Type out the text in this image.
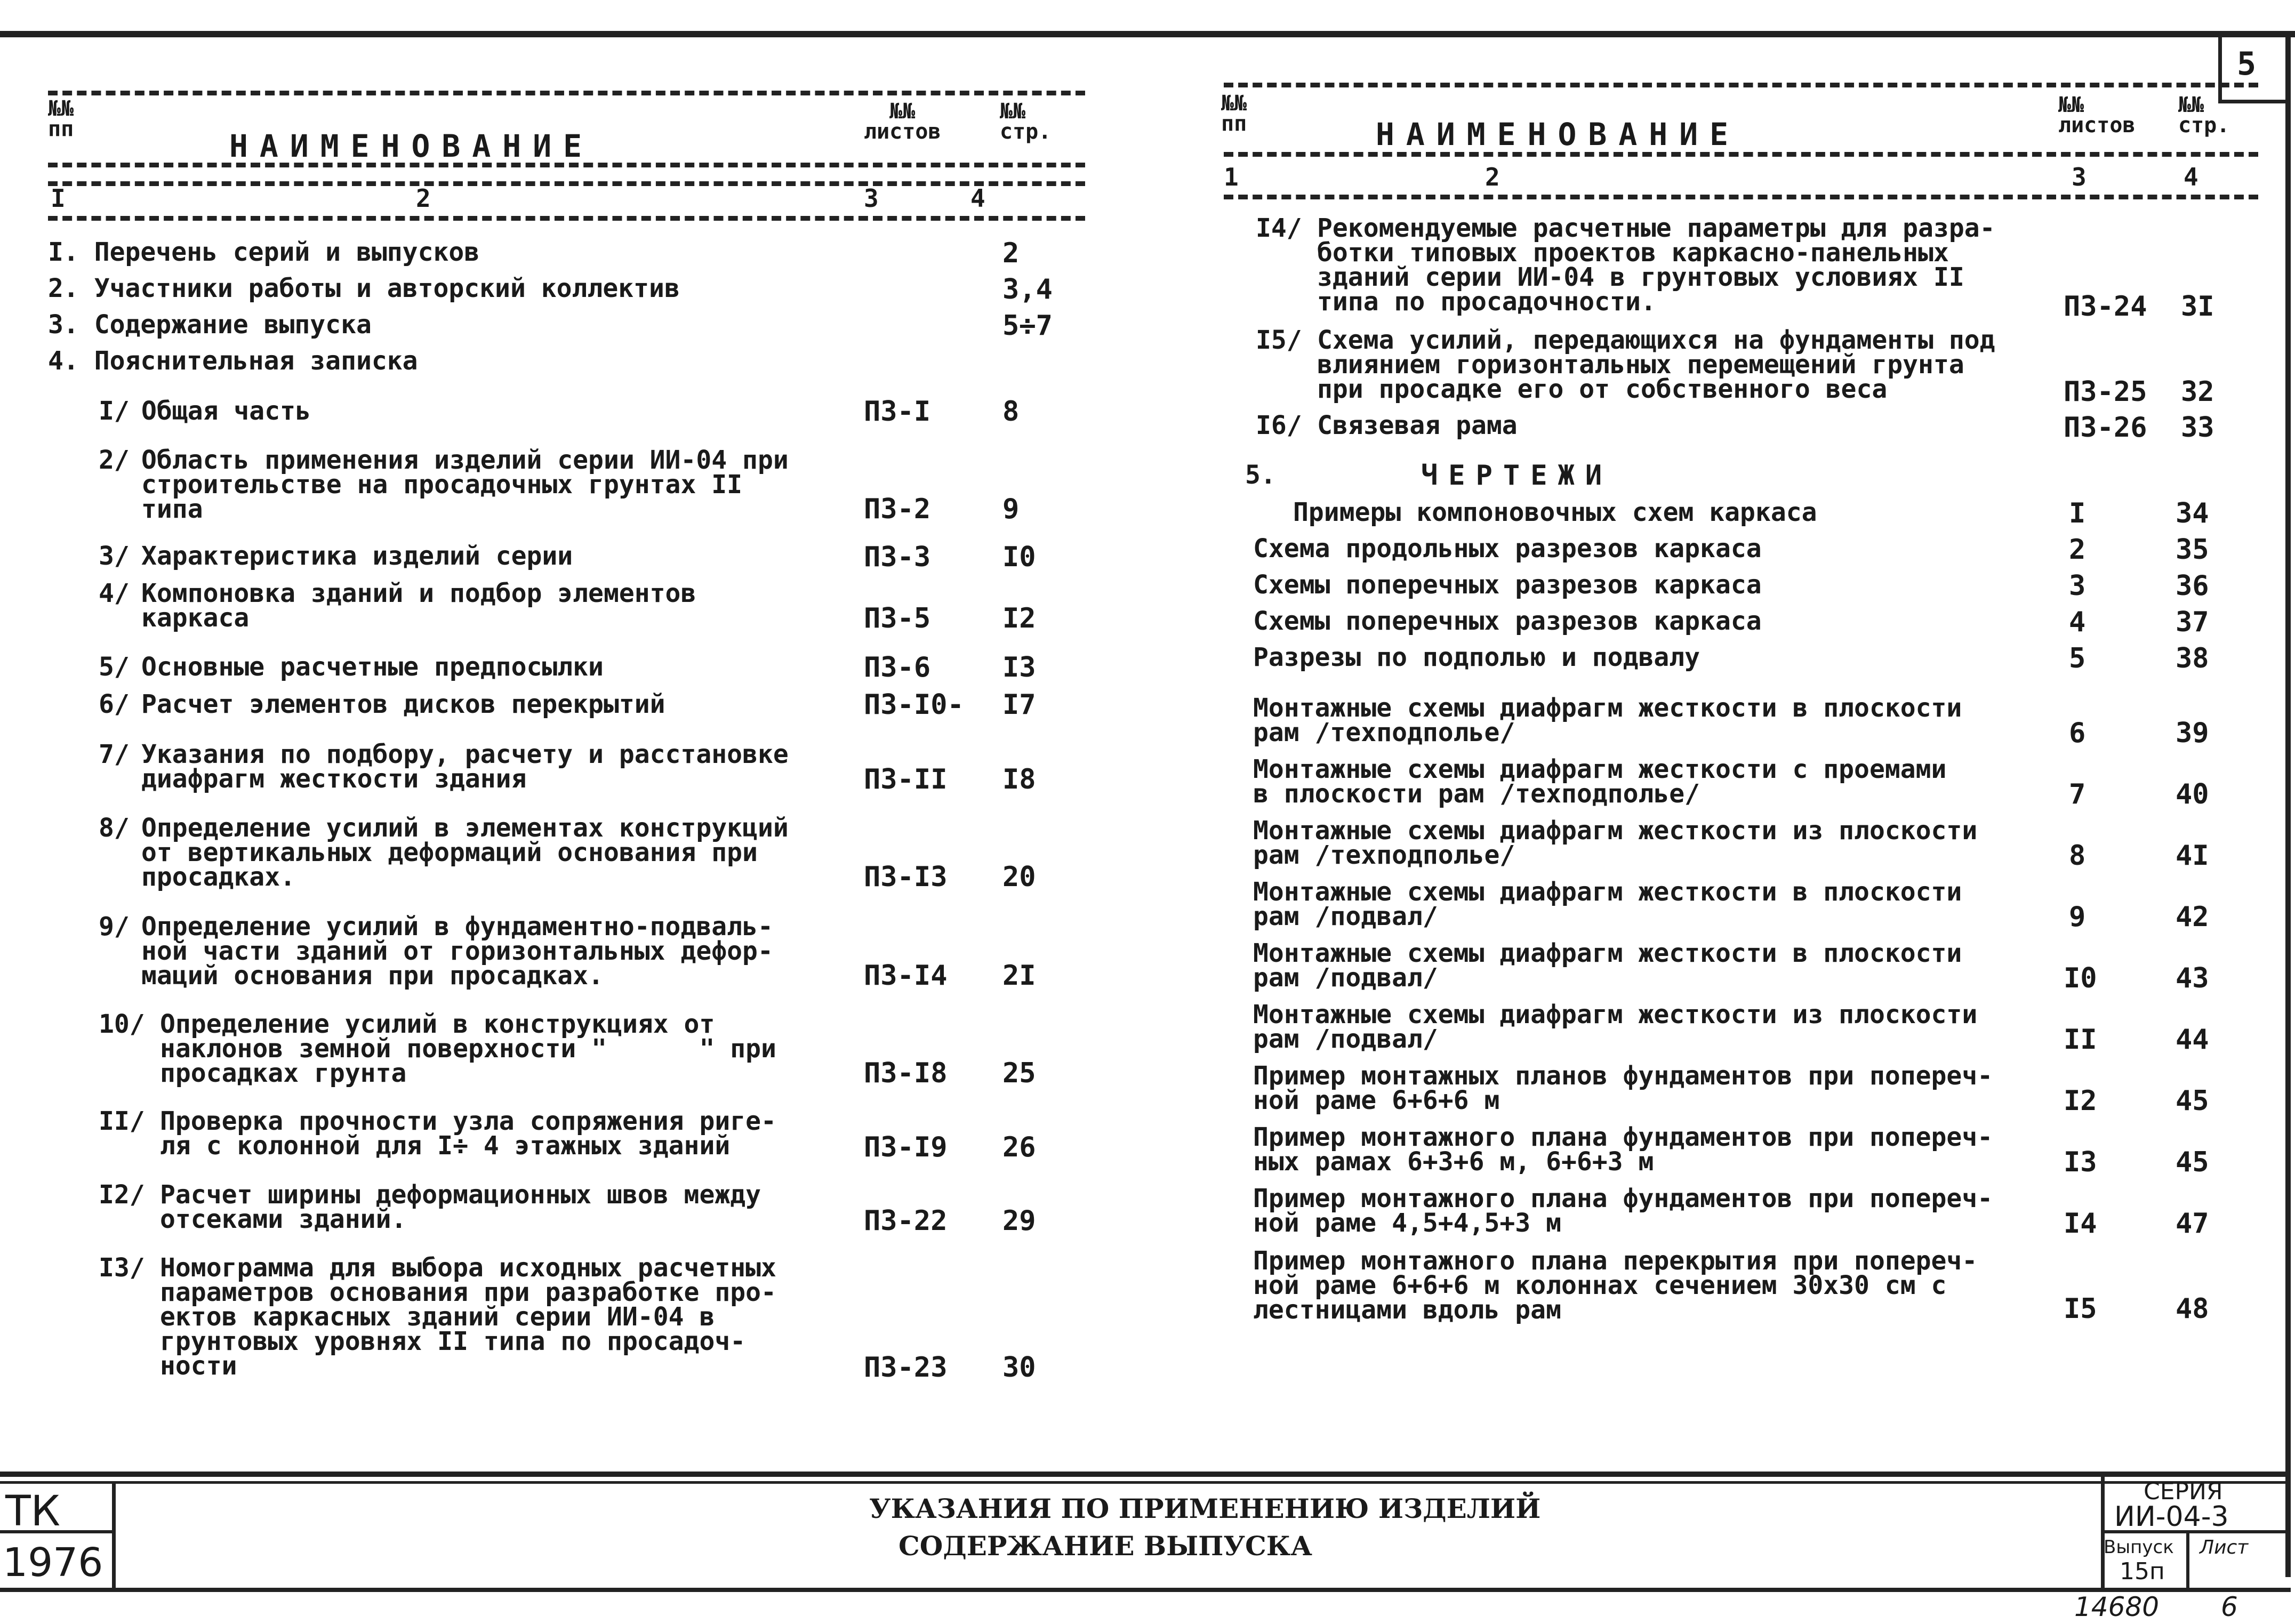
5
№№
пп	НАИМЕНОВАНИЕ
№№
листов
№№
стр.
I	2	3	4
I. Перечень серий и выпусков	2
2. Участники работы и авторский коллектив	3,4
3. Содержание выпуска	5÷7
4. Пояснительная записка
I/ Общая часть	ПЗ-I	8
2/ Область применения изделий серии ИИ-04 при
строительстве на просадочных грунтах II
типа	ПЗ-2	9
3/ Характеристика изделий серии	ПЗ-3	I0
4/ Компоновка зданий и подбор элементов
каркаса	ПЗ-5	I2
5/ Основные расчетные предпосылки	ПЗ-6	I3
6/ Расчет элементов дисков перекрытий	ПЗ-I0- I7
7/ Указания по подбору, расчету и расстановке
диафрагм жесткости здания	ПЗ-II I8
8/ Определение усилий в элементах конструкций
от вертикальных деформаций основания при
просадках.	ПЗ-I3 20
9/ Определение усилий в фундаментно-подваль-
ной части зданий от горизонтальных дефор-
маций основания при просадках.	ПЗ-I4 2I
10/ Определение усилий в конструкциях от
наклонов земной поверхности "      " при
просадках грунта	ПЗ-I8 25
II/ Проверка прочности узла сопряжения риге-
ля с колонной для I÷ 4 этажных зданий	ПЗ-I9 26
I2/ Расчет ширины деформационных швов между
отсеками зданий.	ПЗ-22 29
I3/ Номограмма для выбора исходных расчетных
параметров основания при разработке про-
ектов каркасных зданий серии ИИ-04 в
грунтовых уровнях II типа по просадоч-
ности	ПЗ-23 30
№№
пп	НАИМЕНОВАНИЕ
№№
листов
№№
стр.
1	2	3	4
I4/ Рекомендуемые расчетные параметры для разра-
ботки типовых проектов каркасно-панельных
зданий серии ИИ-04 в грунтовых условиях II
типа по просадочности.	ПЗ-24 3I
I5/ Схема усилий, передающихся на фундаменты под
влиянием горизонтальных перемещений грунта
при просадке его от собственного веса	ПЗ-25 32
I6/ Связевая рама	ПЗ-26 33
5.	ЧЕРТЕЖИ
Примеры компоновочных схем каркаса	I	34
Схема продольных разрезов каркаса	2	35
Схемы поперечных разрезов каркаса	3	36
Схемы поперечных разрезов каркаса	4	37
Разрезы по подполью и подвалу	5	38
Монтажные схемы диафрагм жесткости в плоскости
рам /техподполье/	6	39
Монтажные схемы диафрагм жесткости с проемами
в плоскости рам /техподполье/	7	40
Монтажные схемы диафрагм жесткости из плоскости
рам /техподполье/	8	4I
Монтажные схемы диафрагм жесткости в плоскости
рам /подвал/	9	42
Монтажные схемы диафрагм жесткости в плоскости
рам /подвал/	I0	43
Монтажные схемы диафрагм жесткости из плоскости
рам /подвал/	II	44
Пример монтажных планов фундаментов при попереч-
ной раме 6+6+6 м	I2	45
Пример монтажного плана фундаментов при попереч-
ных рамах 6+3+6 м, 6+6+3 м	I3	45
Пример монтажного плана фундаментов при попереч-
ной раме 4,5+4,5+3 м	I4	47
Пример монтажного плана перекрытия при попереч-
ной раме 6+6+6 м колоннах сечением 30х30 см с
лестницами вдоль рам	I5	48
ТК
1976
УКАЗАНИЯ ПО ПРИМЕНЕНИЮ ИЗДЕЛИЙ
СОДЕРЖАНИЕ ВЫПУСКА
СЕРИЯ
ИИ-04-3
Выпуск
15п
Лист
14680 6
